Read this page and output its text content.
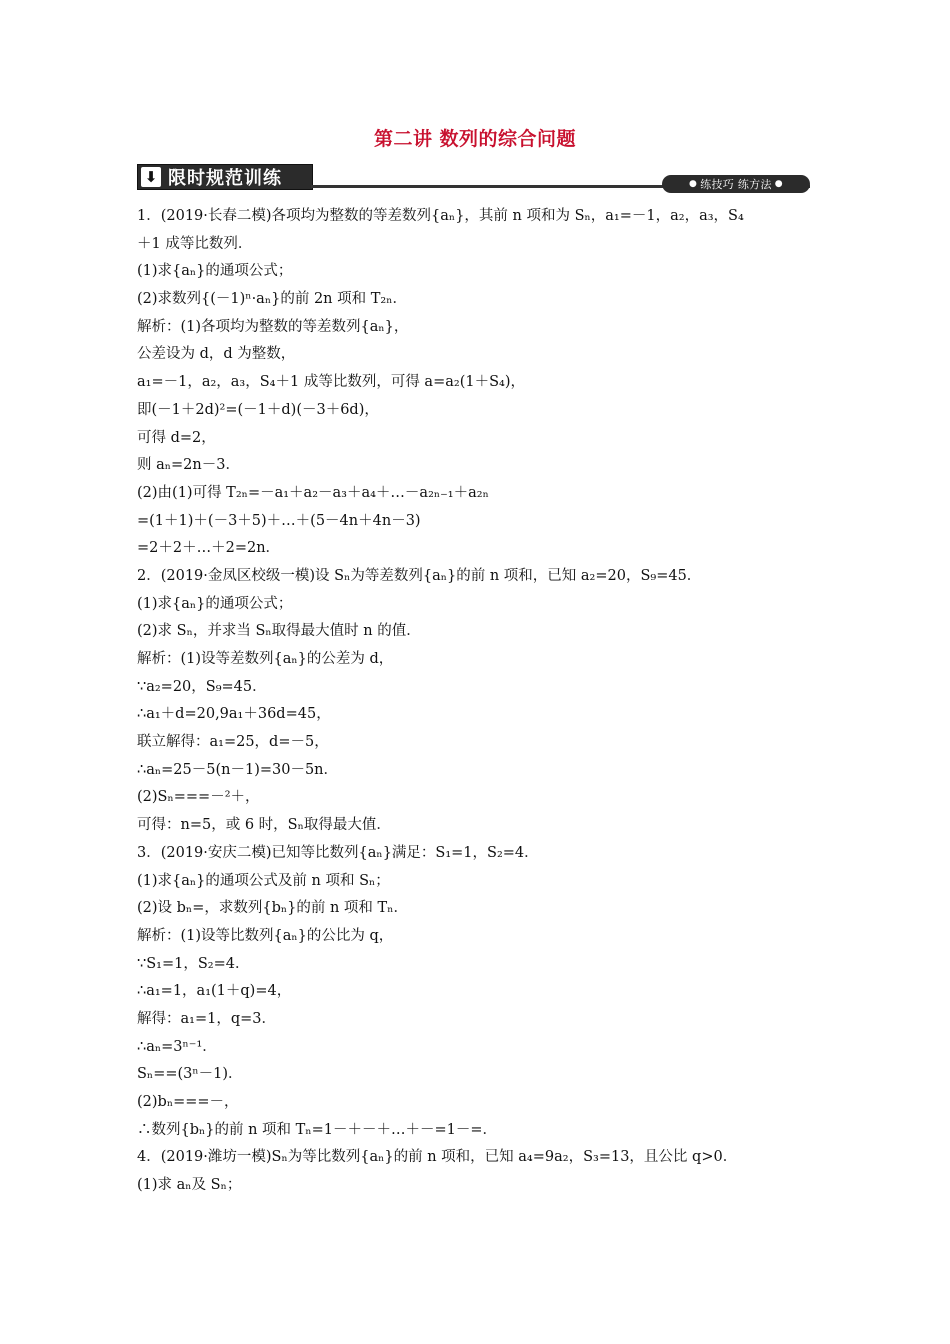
第二讲 数列的综合问题
⬇ 限时规范训练	● 练技巧 练方法 ●
1．(2019·长春二模)各项均为整数的等差数列{aₙ}，其前 n 项和为 Sₙ，a₁=－1，a₂，a₃，S₄
＋1 成等比数列．
(1)求{aₙ}的通项公式；
(2)求数列{(－1)ⁿ·aₙ}的前 2n 项和 T₂ₙ．
解析：(1)各项均为整数的等差数列{aₙ}，
公差设为 d，d 为整数，
a₁=－1，a₂，a₃，S₄＋1 成等比数列，可得 a=a₂(1＋S₄)，
即(－1＋2d)²=(－1＋d)(－3＋6d)，
可得 d=2，
则 aₙ=2n－3．
(2)由(1)可得 T₂ₙ=－a₁＋a₂－a₃＋a₄＋…－a₂ₙ₋₁＋a₂ₙ
=(1＋1)＋(－3＋5)＋…＋(5－4n＋4n－3)
=2＋2＋…＋2=2n．
2．(2019·金凤区校级一模)设 Sₙ为等差数列{aₙ}的前 n 项和，已知 a₂=20，S₉=45．
(1)求{aₙ}的通项公式；
(2)求 Sₙ，并求当 Sₙ取得最大值时 n 的值．
解析：(1)设等差数列{aₙ}的公差为 d，
∵a₂=20，S₉=45．
∴a₁＋d=20,9a₁＋36d=45，
联立解得：a₁=25，d=－5，
∴aₙ=25－5(n－1)=30－5n．
(2)Sₙ===－²＋，
可得：n=5，或 6 时，Sₙ取得最大值．
3．(2019·安庆二模)已知等比数列{aₙ}满足：S₁=1，S₂=4．
(1)求{aₙ}的通项公式及前 n 项和 Sₙ；
(2)设 bₙ=，求数列{bₙ}的前 n 项和 Tₙ．
解析：(1)设等比数列{aₙ}的公比为 q，
∵S₁=1，S₂=4．
∴a₁=1，a₁(1＋q)=4，
解得：a₁=1，q=3．
∴aₙ=3ⁿ⁻¹．
Sₙ==(3ⁿ－1)．
(2)bₙ===－，
∴数列{bₙ}的前 n 项和 Tₙ=1－＋－＋…＋－=1－=．
4．(2019·潍坊一模)Sₙ为等比数列{aₙ}的前 n 项和，已知 a₄=9a₂，S₃=13，且公比 q>0．
(1)求 aₙ及 Sₙ；
